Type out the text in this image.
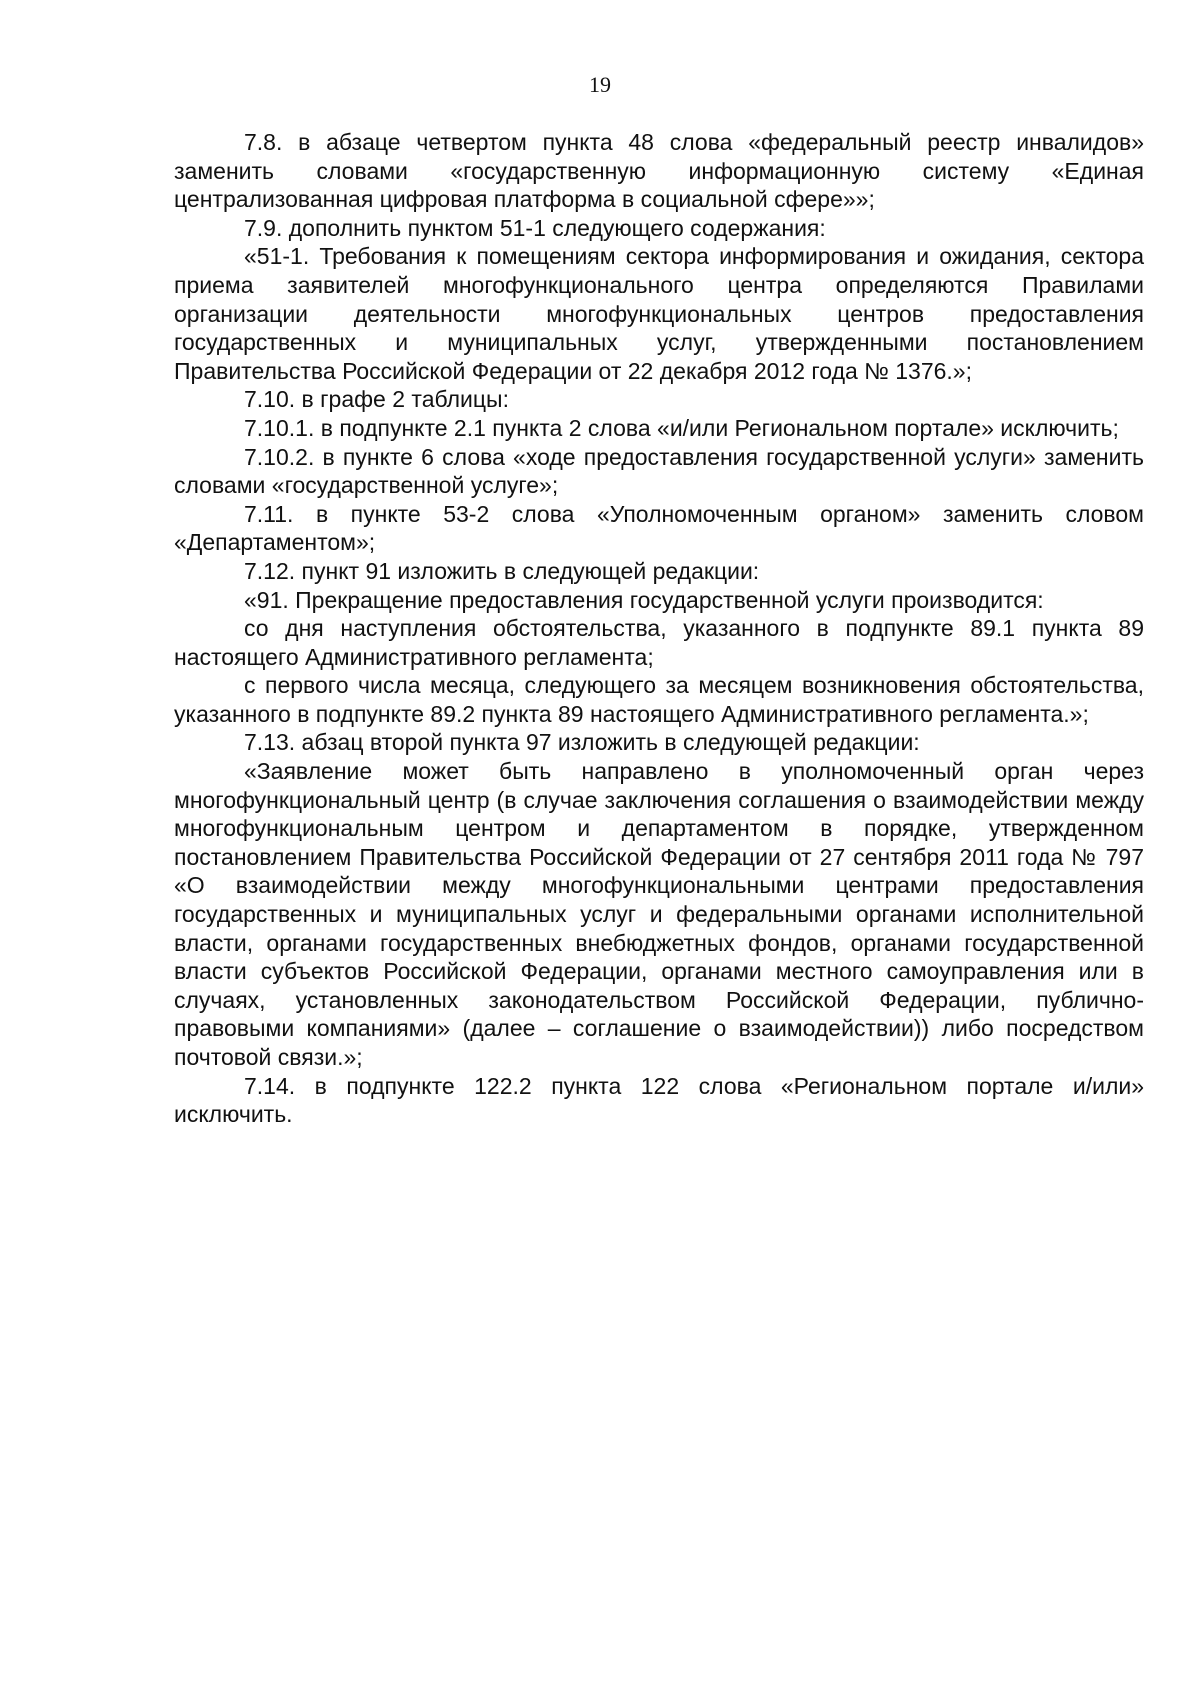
19

7.8. в абзаце четвертом пункта 48 слова «федеральный реестр инвалидов» заменить словами «государственную информационную систему «Единая централизованная цифровая платформа в социальной сфере»»;

7.9. дополнить пунктом 51-1 следующего содержания:

«51-1. Требования к помещениям сектора информирования и ожидания, сектора приема заявителей многофункционального центра определяются Правилами организации деятельности многофункциональных центров предоставления государственных и муниципальных услуг, утвержденными постановлением Правительства Российской Федерации от 22 декабря 2012 года № 1376.»;

7.10. в графе 2 таблицы:

7.10.1. в подпункте 2.1 пункта 2 слова «и/или Региональном портале» исключить;

7.10.2. в пункте 6 слова «ходе предоставления государственной услуги» заменить словами «государственной услуге»;

7.11. в пункте 53-2 слова «Уполномоченным органом» заменить словом «Департаментом»;

7.12. пункт 91 изложить в следующей редакции:

«91. Прекращение предоставления государственной услуги производится:

со дня наступления обстоятельства, указанного в подпункте 89.1 пункта 89 настоящего Административного регламента;

с первого числа месяца, следующего за месяцем возникновения обстоятельства, указанного в подпункте 89.2 пункта 89 настоящего Административного регламента.»;

7.13. абзац второй пункта 97 изложить в следующей редакции:

«Заявление может быть направлено в уполномоченный орган через многофункциональный центр (в случае заключения соглашения о взаимодействии между многофункциональным центром и департаментом в порядке, утвержденном постановлением Правительства Российской Федерации от 27 сентября 2011 года № 797 «О взаимодействии между многофункциональными центрами предоставления государственных и муниципальных услуг и федеральными органами исполнительной власти, органами государственных внебюджетных фондов, органами государственной власти субъектов Российской Федерации, органами местного самоуправления или в случаях, установленных законодательством Российской Федерации, публично-правовыми компаниями» (далее – соглашение о взаимодействии)) либо посредством почтовой связи.»;

7.14. в подпункте 122.2 пункта 122 слова «Региональном портале и/или» исключить.
